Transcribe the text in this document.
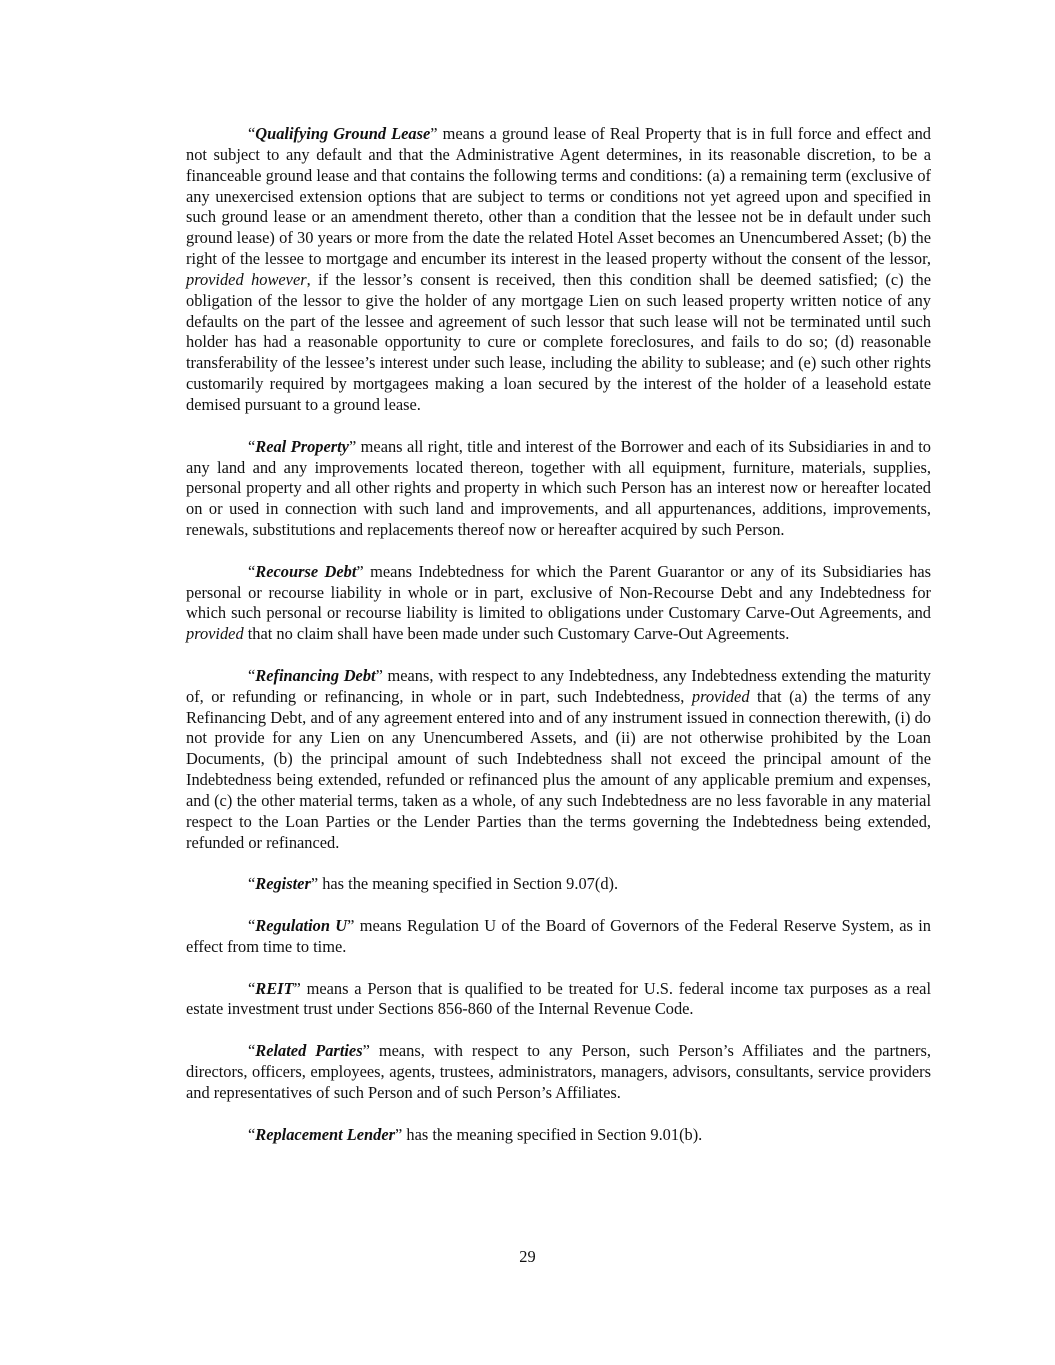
“Qualifying Ground Lease” means a ground lease of Real Property that is in full force and effect and not subject to any default and that the Administrative Agent determines, in its reasonable discretion, to be a financeable ground lease and that contains the following terms and conditions: (a) a remaining term (exclusive of any unexercised extension options that are subject to terms or conditions not yet agreed upon and specified in such ground lease or an amendment thereto, other than a condition that the lessee not be in default under such ground lease) of 30 years or more from the date the related Hotel Asset becomes an Unencumbered Asset; (b) the right of the lessee to mortgage and encumber its interest in the leased property without the consent of the lessor, provided however, if the lessor’s consent is received, then this condition shall be deemed satisfied; (c) the obligation of the lessor to give the holder of any mortgage Lien on such leased property written notice of any defaults on the part of the lessee and agreement of such lessor that such lease will not be terminated until such holder has had a reasonable opportunity to cure or complete foreclosures, and fails to do so; (d) reasonable transferability of the lessee’s interest under such lease, including the ability to sublease; and (e) such other rights customarily required by mortgagees making a loan secured by the interest of the holder of a leasehold estate demised pursuant to a ground lease.

“Real Property” means all right, title and interest of the Borrower and each of its Subsidiaries in and to any land and any improvements located thereon, together with all equipment, furniture, materials, supplies, personal property and all other rights and property in which such Person has an interest now or hereafter located on or used in connection with such land and improvements, and all appurtenances, additions, improvements, renewals, substitutions and replacements thereof now or hereafter acquired by such Person.

“Recourse Debt” means Indebtedness for which the Parent Guarantor or any of its Subsidiaries has personal or recourse liability in whole or in part, exclusive of Non-Recourse Debt and any Indebtedness for which such personal or recourse liability is limited to obligations under Customary Carve-Out Agreements, and provided that no claim shall have been made under such Customary Carve-Out Agreements.

“Refinancing Debt” means, with respect to any Indebtedness, any Indebtedness extending the maturity of, or refunding or refinancing, in whole or in part, such Indebtedness, provided that (a) the terms of any Refinancing Debt, and of any agreement entered into and of any instrument issued in connection therewith, (i) do not provide for any Lien on any Unencumbered Assets, and (ii) are not otherwise prohibited by the Loan Documents, (b) the principal amount of such Indebtedness shall not exceed the principal amount of the Indebtedness being extended, refunded or refinanced plus the amount of any applicable premium and expenses, and (c) the other material terms, taken as a whole, of any such Indebtedness are no less favorable in any material respect to the Loan Parties or the Lender Parties than the terms governing the Indebtedness being extended, refunded or refinanced.

“Register” has the meaning specified in Section 9.07(d).

“Regulation U” means Regulation U of the Board of Governors of the Federal Reserve System, as in effect from time to time.

“REIT” means a Person that is qualified to be treated for U.S. federal income tax purposes as a real estate investment trust under Sections 856-860 of the Internal Revenue Code.

“Related Parties” means, with respect to any Person, such Person’s Affiliates and the partners, directors, officers, employees, agents, trustees, administrators, managers, advisors, consultants, service providers and representatives of such Person and of such Person’s Affiliates.

“Replacement Lender” has the meaning specified in Section 9.01(b).

29
